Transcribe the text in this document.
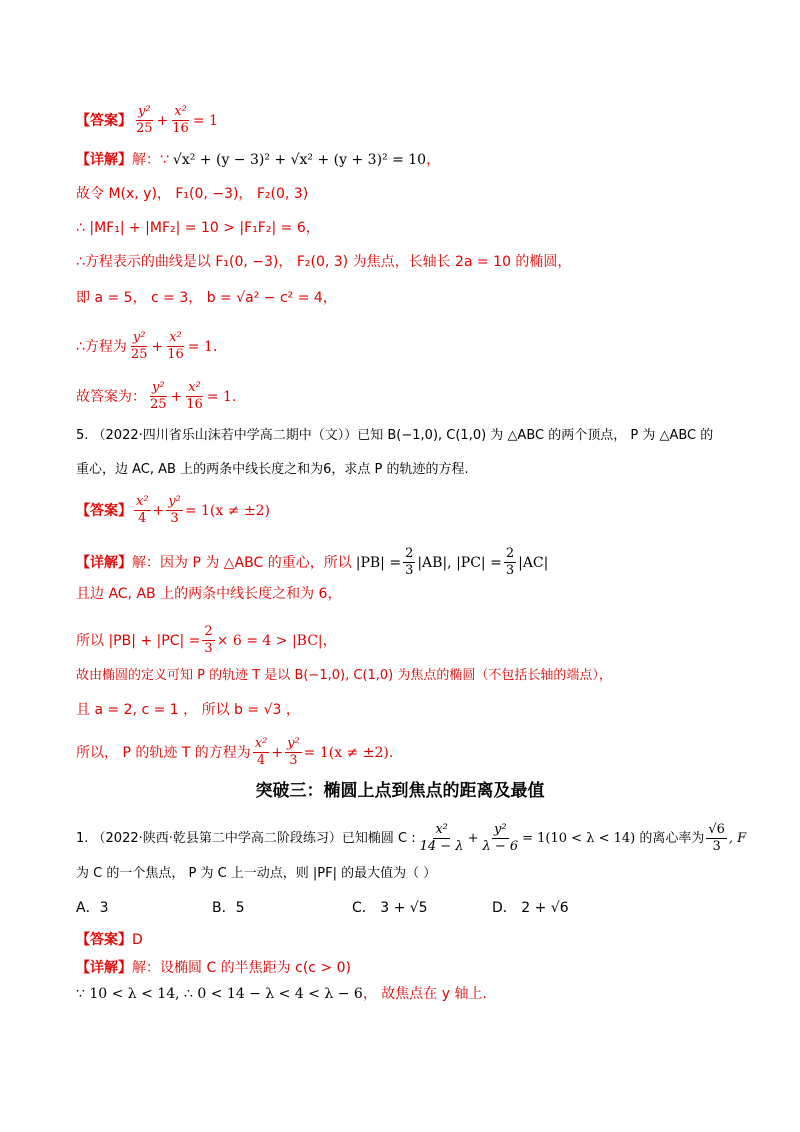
【答案】 $\frac{\text{y²}}{25} + \frac{\text{x²}}{16} = 1$
【详解】 解：∵ √x² + (y − 3)² + √x² + (y + 3)² = 10 ，
故令 M(x, y)， F₁(0, −3)， F₂(0, 3)
∴ |MF₁| + |MF₂| = 10 > |F₁F₂| = 6，
∴方程表示的曲线是以 F₁(0, −3)， F₂(0, 3) 为焦点，长轴长 2a = 10 的椭圆，
即 a = 5， c = 3， b = √a² − c² = 4，
∴方程为 $\frac{\text{y²}}{25} + \frac{\text{x²}}{16} = 1$.
故答案为： $\frac{\text{y²}}{25} + \frac{\text{x²}}{16} = 1$.
5. （2022·四川省乐山沫若中学高二期中（文））已知 B(−1,0), C(1,0) 为 △ABC 的两个顶点， P 为 △ABC 的
重心，边 AC, AB 上的两条中线长度之和为6，求点 P 的轨迹的方程.
【答案】 $\frac{\text{x²}}{4} + \frac{\text{y²}}{3} = 1(x \ne \pm 2)$
【详解】 解：因为 P 为 △ABC 的重心，所以 $|PB| = \frac{2}{3} |AB|$, $|PC| = \frac{2}{3} |AC|$
且边 AC, AB 上的两条中线长度之和为 6，
所以 $|PB| + |PC| = \frac{2}{3} \times 6 = 4 > |BC|$，
故由椭圆的定义可知 P 的轨迹 T 是以 B(−1,0), C(1,0) 为焦点的椭圆（不包括长轴的端点），
且 a = 2, c = 1 ， 所以 b = √3 ，
所以， P 的轨迹 T 的方程为 $\frac{\text{x²}}{4} + \frac{\text{y²}}{3} = 1(x \ne \pm 2)$.
突破三：椭圆上点到焦点的距离及最值
1. （2022·陕西·乾县第二中学高二阶段练习）已知椭圆 C : $\frac{\text{x²}}{14 - \lambda} + \frac{\text{y²}}{\lambda - 6} = 1(10 < \lambda < 14)$ 的离心率为 $\frac{√6}{3}$ , F
为 C 的一个焦点， P 为 C 上一动点，则 |PF| 的最大值为（ ）
A．3	B．5	C． 3 + √5	D． 2 + √6
【答案】 D
【详解】 解：设椭圆 C 的半焦距为 c(c > 0)
∵ 10 < λ < 14, ∴ 0 < 14 − λ < 4 < λ − 6 ， 故焦点在 y 轴上.
